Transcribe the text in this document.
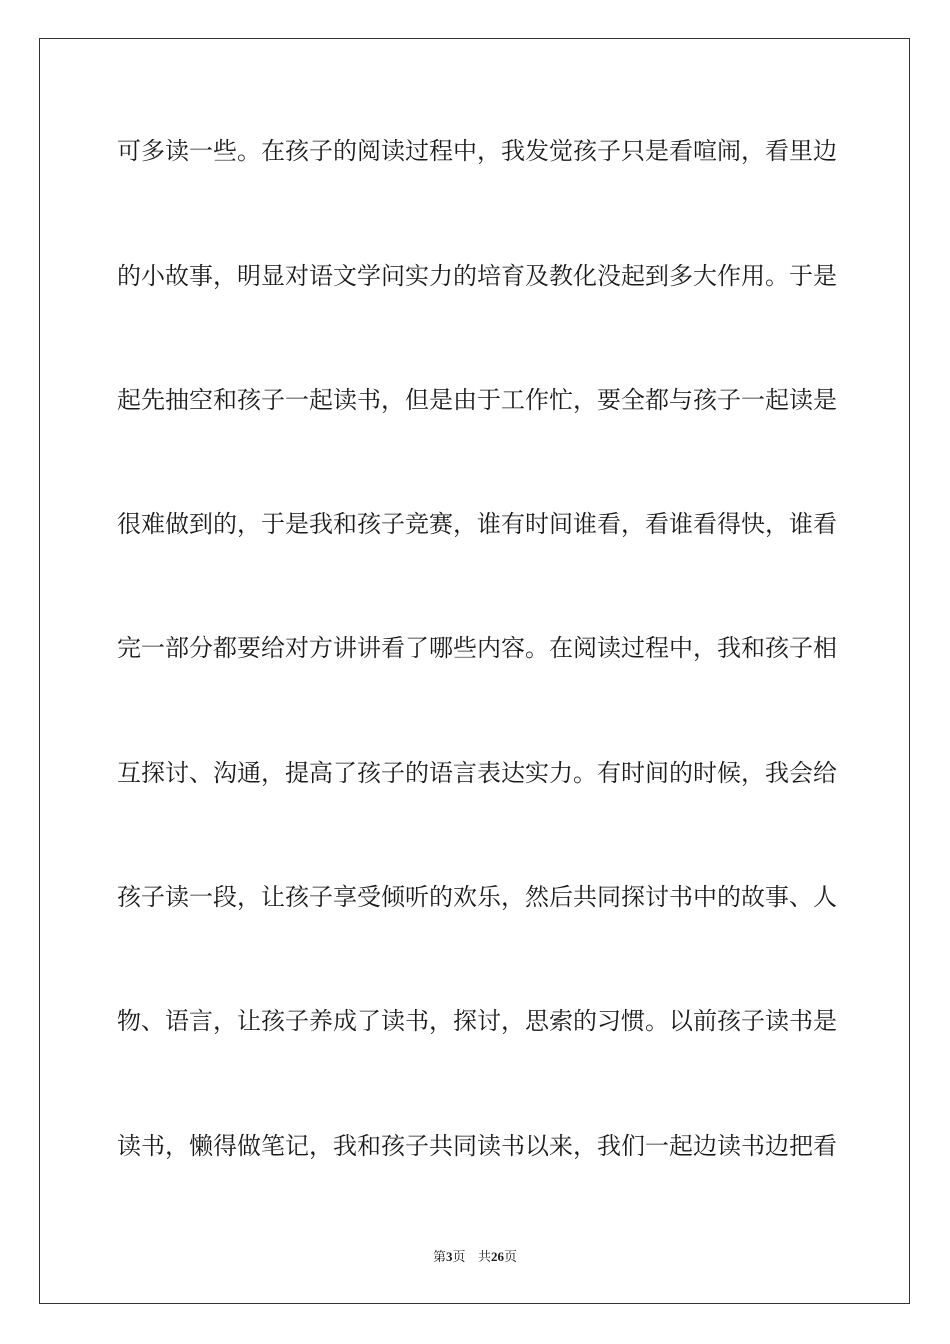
可多读一些。在孩子的阅读过程中，我发觉孩子只是看喧闹，看里边
的小故事，明显对语文学问实力的培育及教化没起到多大作用。于是
起先抽空和孩子一起读书，但是由于工作忙，要全都与孩子一起读是
很难做到的，于是我和孩子竞赛，谁有时间谁看，看谁看得快，谁看
完一部分都要给对方讲讲看了哪些内容。在阅读过程中，我和孩子相
互探讨、沟通，提高了孩子的语言表达实力。有时间的时候，我会给
孩子读一段，让孩子享受倾听的欢乐，然后共同探讨书中的故事、人
物、语言，让孩子养成了读书，探讨，思索的习惯。以前孩子读书是
读书，懒得做笔记，我和孩子共同读书以来，我们一起边读书边把看
第3页 共26页
